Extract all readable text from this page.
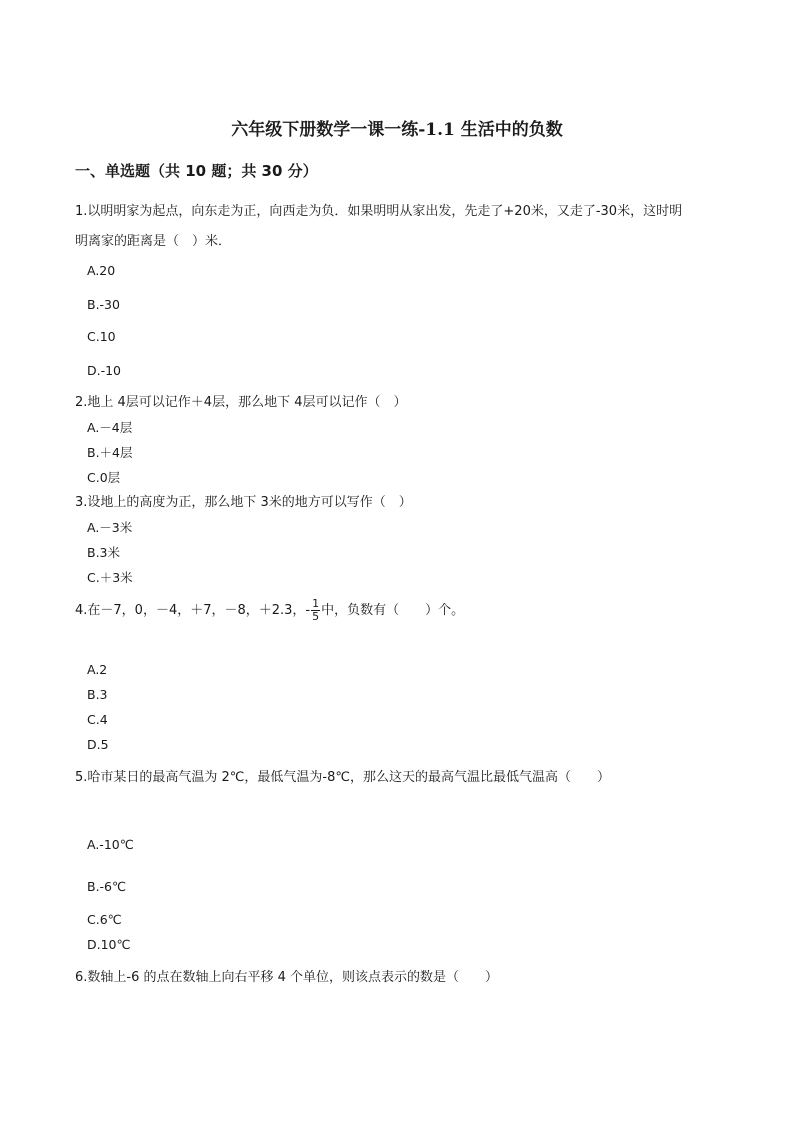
六年级下册数学一课一练-1.1 生活中的负数
一、单选题（共 10 题；共 30 分）
1.以明明家为起点，向东走为正，向西走为负．如果明明从家出发，先走了+20米，又走了-30米，这时明
明离家的距离是（　）米．
A.20
B.-30
C.10
D.-10
2.地上 4层可以记作＋4层，那么地下 4层可以记作（　）
A.－4层
B.＋4层
C.0层
3.设地上的高度为正，那么地下 3米的地方可以写作（　）
A.－3米
B.3米
C.＋3米
4.在－7，0，－4，＋7，－8，＋2.3，- $\frac{1}{5}$ 中，负数有（　　）个。
A.2
B.3
C.4
D.5
5.哈市某日的最高气温为 2℃，最低气温为-8℃，那么这天的最高气温比最低气温高（　　）
A.-10℃
B.-6℃
C.6℃
D.10℃
6.数轴上-6 的点在数轴上向右平移 4 个单位，则该点表示的数是（　　）
